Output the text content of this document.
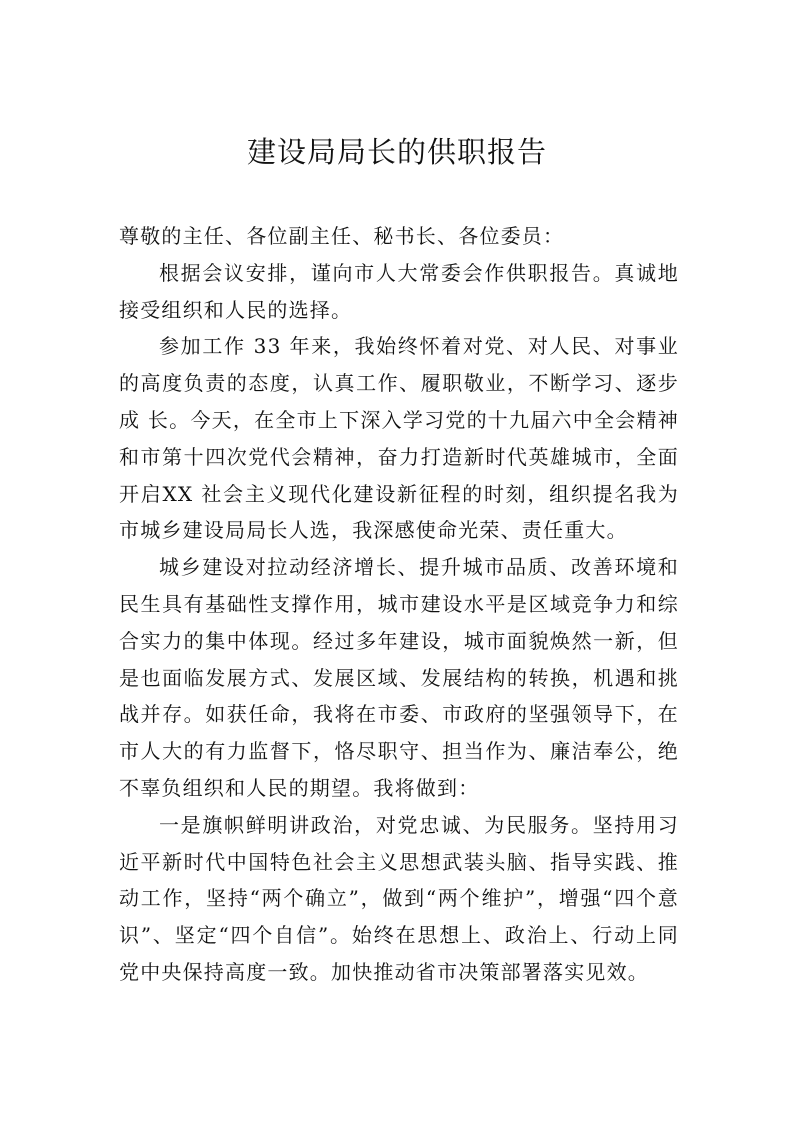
建设局局长的供职报告

尊敬的主任、各位副主任、秘书长、各位委员：

根据会议安排，谨向市人大常委会作供职报告。真诚地接受组织和人民的选择。

参加工作 33 年来，我始终怀着对党、对人民、对事业的高度负责的态度，认真工作、履职敬业，不断学习、逐步成 长。今天，在全市上下深入学习党的十九届六中全会精神和市第十四次党代会精神，奋力打造新时代英雄城市，全面开启XX 社会主义现代化建设新征程的时刻，组织提名我为市城乡建设局局长人选，我深感使命光荣、责任重大。

城乡建设对拉动经济增长、提升城市品质、改善环境和民生具有基础性支撑作用，城市建设水平是区域竞争力和综合实力的集中体现。经过多年建设，城市面貌焕然一新，但是也面临发展方式、发展区域、发展结构的转换，机遇和挑战并存。如获任命，我将在市委、市政府的坚强领导下，在市人大的有力监督下，恪尽职守、担当作为、廉洁奉公，绝不辜负组织和人民的期望。我将做到：

一是旗帜鲜明讲政治，对党忠诚、为民服务。坚持用习近平新时代中国特色社会主义思想武装头脑、指导实践、推动工作，坚持“两个确立”，做到“两个维护”，增强“四个意识”、坚定“四个自信”。始终在思想上、政治上、行动上同党中央保持高度一致。加快推动省市决策部署落实见效。
